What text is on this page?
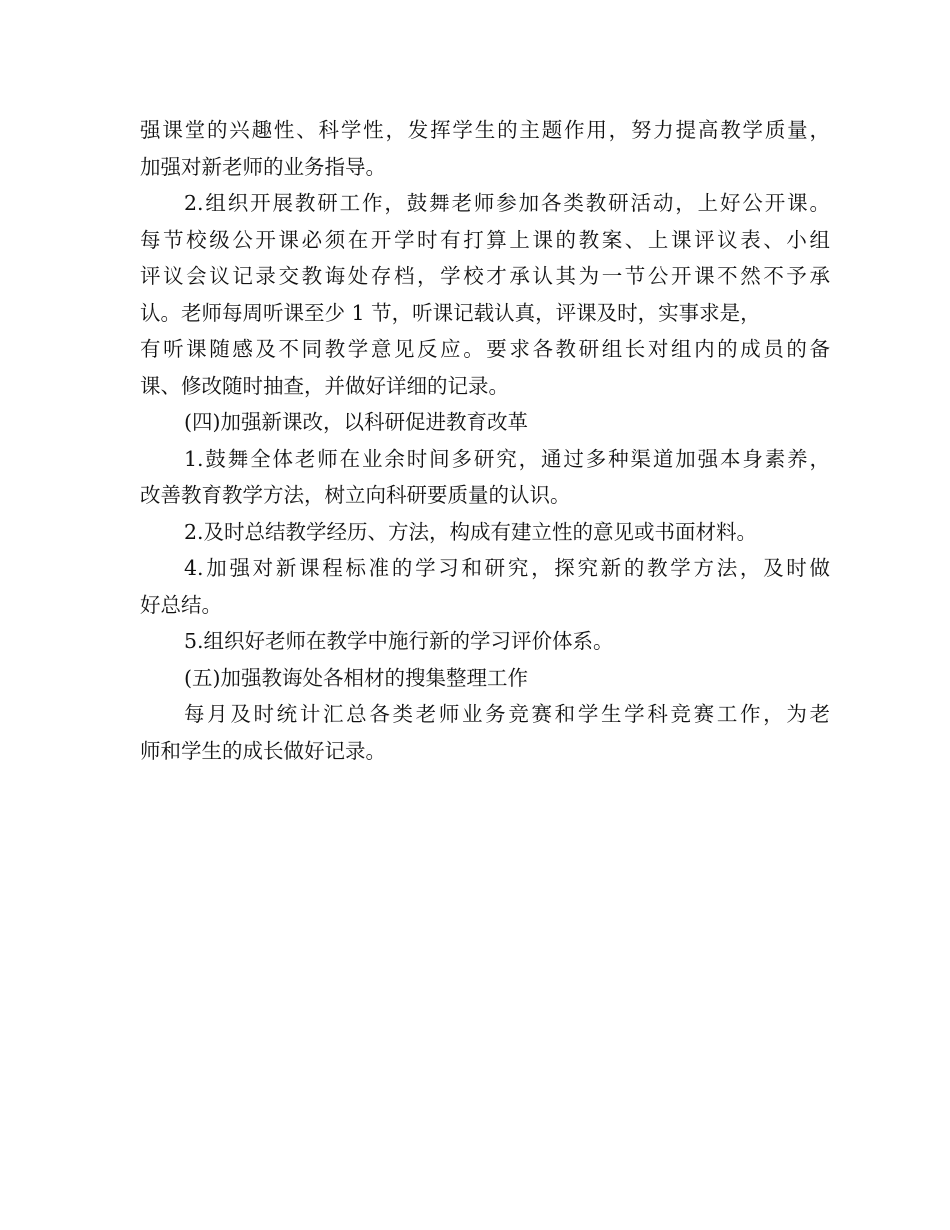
强课堂的兴趣性、科学性，发挥学生的主题作用，努力提高教学质量，
加强对新老师的业务指导。
2.组织开展教研工作，鼓舞老师参加各类教研活动，上好公开课。
每节校级公开课必须在开学时有打算上课的教案、上课评议表、小组
评议会议记录交教诲处存档，学校才承认其为一节公开课不然不予承
认。老师每周听课至少 1 节，听课记载认真，评课及时，实事求是，
有听课随感及不同教学意见反应。要求各教研组长对组内的成员的备
课、修改随时抽查，并做好详细的记录。
(四)加强新课改，以科研促进教育改革
1.鼓舞全体老师在业余时间多研究，通过多种渠道加强本身素养，
改善教育教学方法，树立向科研要质量的认识。
2.及时总结教学经历、方法，构成有建立性的意见或书面材料。
4.加强对新课程标准的学习和研究，探究新的教学方法，及时做
好总结。
5.组织好老师在教学中施行新的学习评价体系。
(五)加强教诲处各相材的搜集整理工作
每月及时统计汇总各类老师业务竞赛和学生学科竞赛工作，为老
师和学生的成长做好记录。
